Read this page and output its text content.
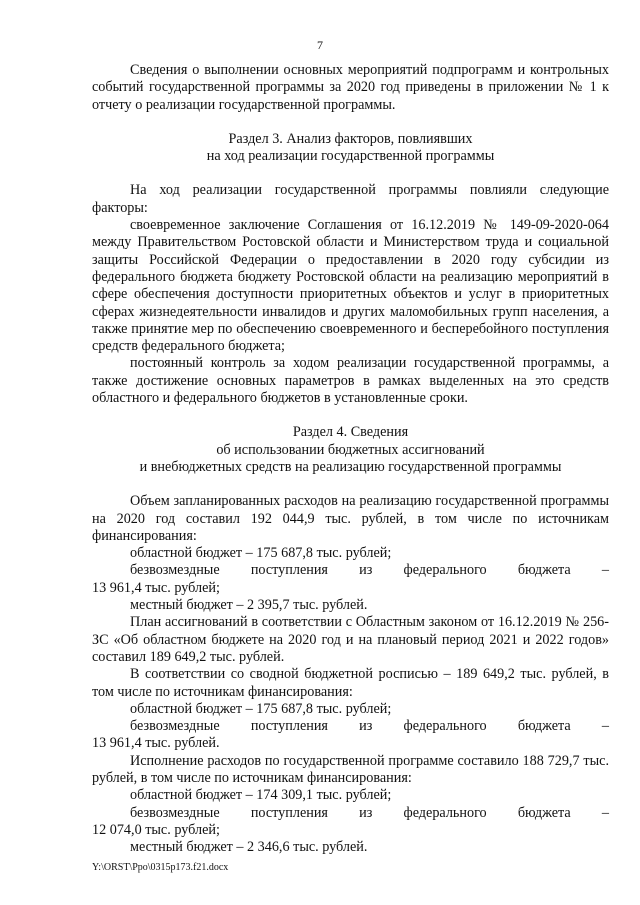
7

Сведения о выполнении основных мероприятий подпрограмм и контрольных событий государственной программы за 2020 год приведены в приложении № 1 к отчету о реализации государственной программы.

Раздел 3. Анализ факторов, повлиявших

на ход реализации государственной программы

На ход реализации государственной программы повлияли следующие факторы:

своевременное заключение Соглашения от 16.12.2019 № 149-09-2020-064 между Правительством Ростовской области и Министерством труда и социальной защиты Российской Федерации о предоставлении в 2020 году субсидии из федерального бюджета бюджету Ростовской области на реализацию мероприятий в сфере обеспечения доступности приоритетных объектов и услуг в приоритетных сферах жизнедеятельности инвалидов и других маломобильных групп населения, а также принятие мер по обеспечению своевременного и бесперебойного поступления средств федерального бюджета;

постоянный контроль за ходом реализации государственной программы, а также достижение основных параметров в рамках выделенных на это средств областного и федерального бюджетов в установленные сроки.

Раздел 4. Сведения

об использовании бюджетных ассигнований

и внебюджетных средств на реализацию государственной программы

Объем запланированных расходов на реализацию государственной программы на 2020 год составил 192 044,9 тыс. рублей, в том числе по источникам финансирования:

областной бюджет – 175 687,8 тыс. рублей;

безвозмездные поступления из федерального бюджета –

13 961,4 тыс. рублей;

местный бюджет – 2 395,7 тыс. рублей.

План ассигнований в соответствии с Областным законом от 16.12.2019 № 256-ЗС «Об областном бюджете на 2020 год и на плановый период 2021 и 2022 годов» составил 189 649,2 тыс. рублей.

В соответствии со сводной бюджетной росписью – 189 649,2 тыс. рублей, в том числе по источникам финансирования:

областной бюджет – 175 687,8 тыс. рублей;

безвозмездные поступления из федерального бюджета –

13 961,4 тыс. рублей.

Исполнение расходов по государственной программе составило 188 729,7 тыс. рублей, в том числе по источникам финансирования:

областной бюджет – 174 309,1 тыс. рублей;

безвозмездные поступления из федерального бюджета –

12 074,0 тыс. рублей;

местный бюджет – 2 346,6 тыс. рублей.

Y:\ORST\Ppo\0315p173.f21.docx
